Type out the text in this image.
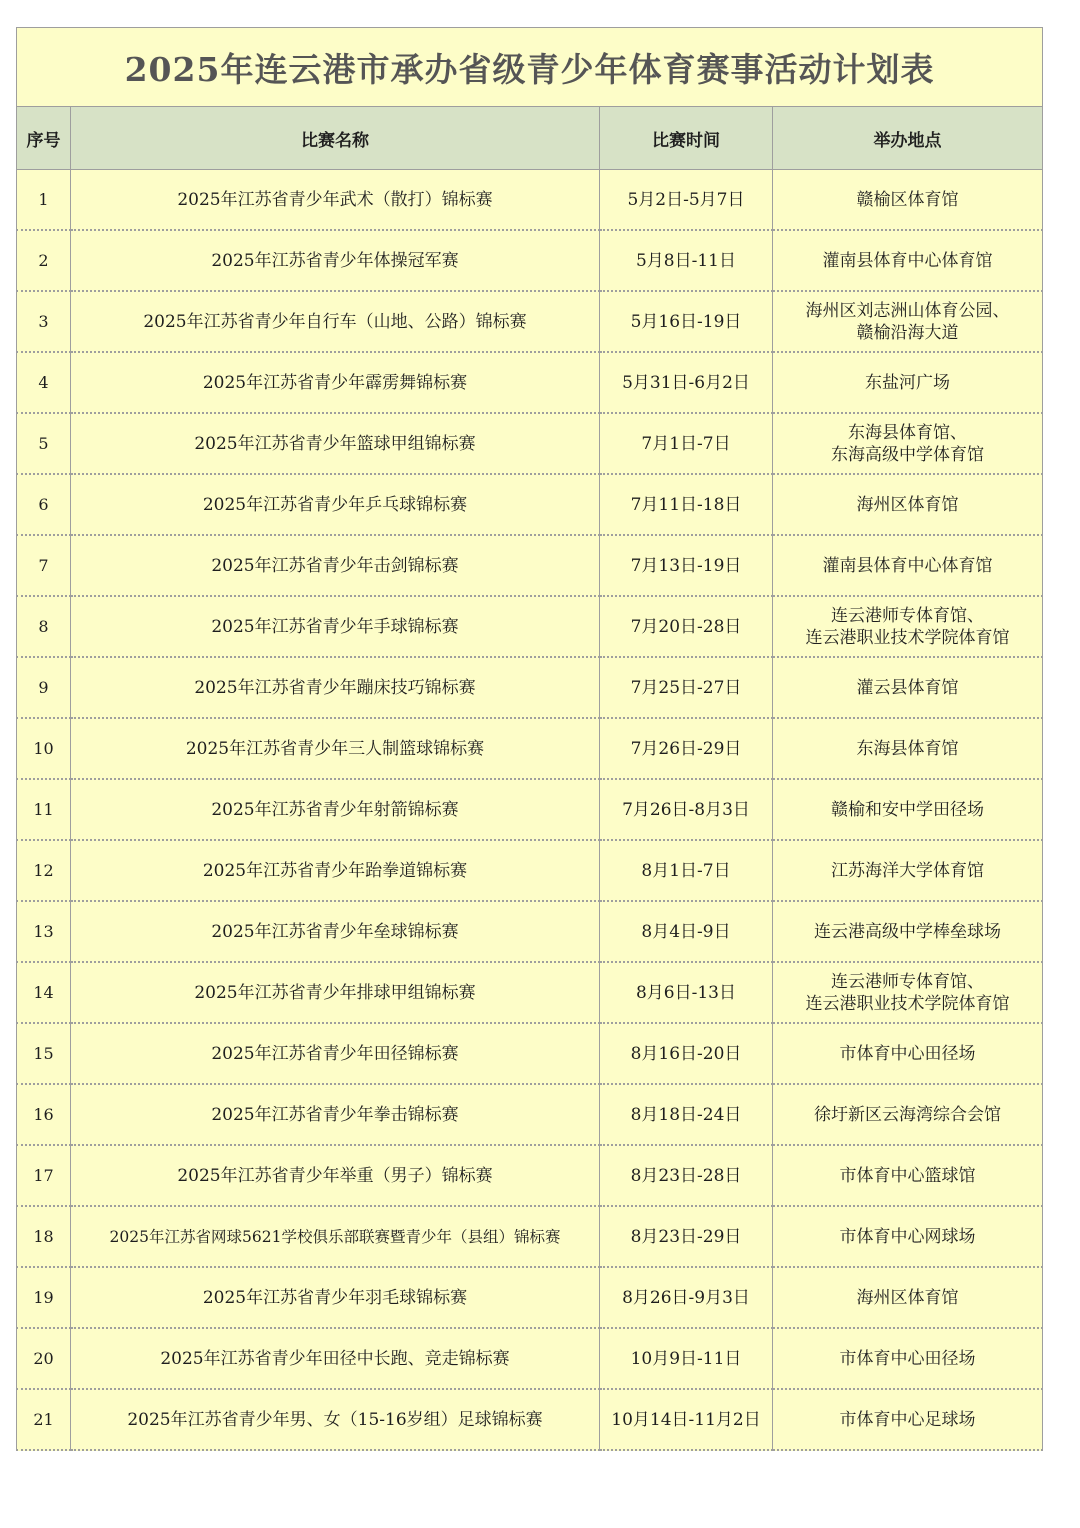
2025年连云港市承办省级青少年体育赛事活动计划表			
序号	比赛名称	比赛时间	举办地点
1	2025年江苏省青少年武术（散打）锦标赛	5月2日-5月7日	赣榆区体育馆

2	2025年江苏省青少年体操冠军赛	5月8日-11日	灌南县体育中心体育馆

3	2025年江苏省青少年自行车（山地、公路）锦标赛	5月16日-19日	海州区刘志洲山体育公园、
赣榆沿海大道

4	2025年江苏省青少年霹雳舞锦标赛	5月31日-6月2日	东盐河广场

5	2025年江苏省青少年篮球甲组锦标赛	7月1日-7日	东海县体育馆、
东海高级中学体育馆

6	2025年江苏省青少年乒乓球锦标赛	7月11日-18日	海州区体育馆

7	2025年江苏省青少年击剑锦标赛	7月13日-19日	灌南县体育中心体育馆

8	2025年江苏省青少年手球锦标赛	7月20日-28日	连云港师专体育馆、
连云港职业技术学院体育馆

9	2025年江苏省青少年蹦床技巧锦标赛	7月25日-27日	灌云县体育馆

10	2025年江苏省青少年三人制篮球锦标赛	7月26日-29日	东海县体育馆

11	2025年江苏省青少年射箭锦标赛	7月26日-8月3日	赣榆和安中学田径场

12	2025年江苏省青少年跆拳道锦标赛	8月1日-7日	江苏海洋大学体育馆

13	2025年江苏省青少年垒球锦标赛	8月4日-9日	连云港高级中学棒垒球场

14	2025年江苏省青少年排球甲组锦标赛	8月6日-13日	连云港师专体育馆、
连云港职业技术学院体育馆

15	2025年江苏省青少年田径锦标赛	8月16日-20日	市体育中心田径场

16	2025年江苏省青少年拳击锦标赛	8月18日-24日	徐圩新区云海湾综合会馆

17	2025年江苏省青少年举重（男子）锦标赛	8月23日-28日	市体育中心篮球馆

18	2025年江苏省网球5621学校俱乐部联赛暨青少年（县组）锦标赛	8月23日-29日	市体育中心网球场

19	2025年江苏省青少年羽毛球锦标赛	8月26日-9月3日	海州区体育馆

20	2025年江苏省青少年田径中长跑、竞走锦标赛	10月9日-11日	市体育中心田径场

21	2025年江苏省青少年男、女（15-16岁组）足球锦标赛	10月14日-11月2日	市体育中心足球场
